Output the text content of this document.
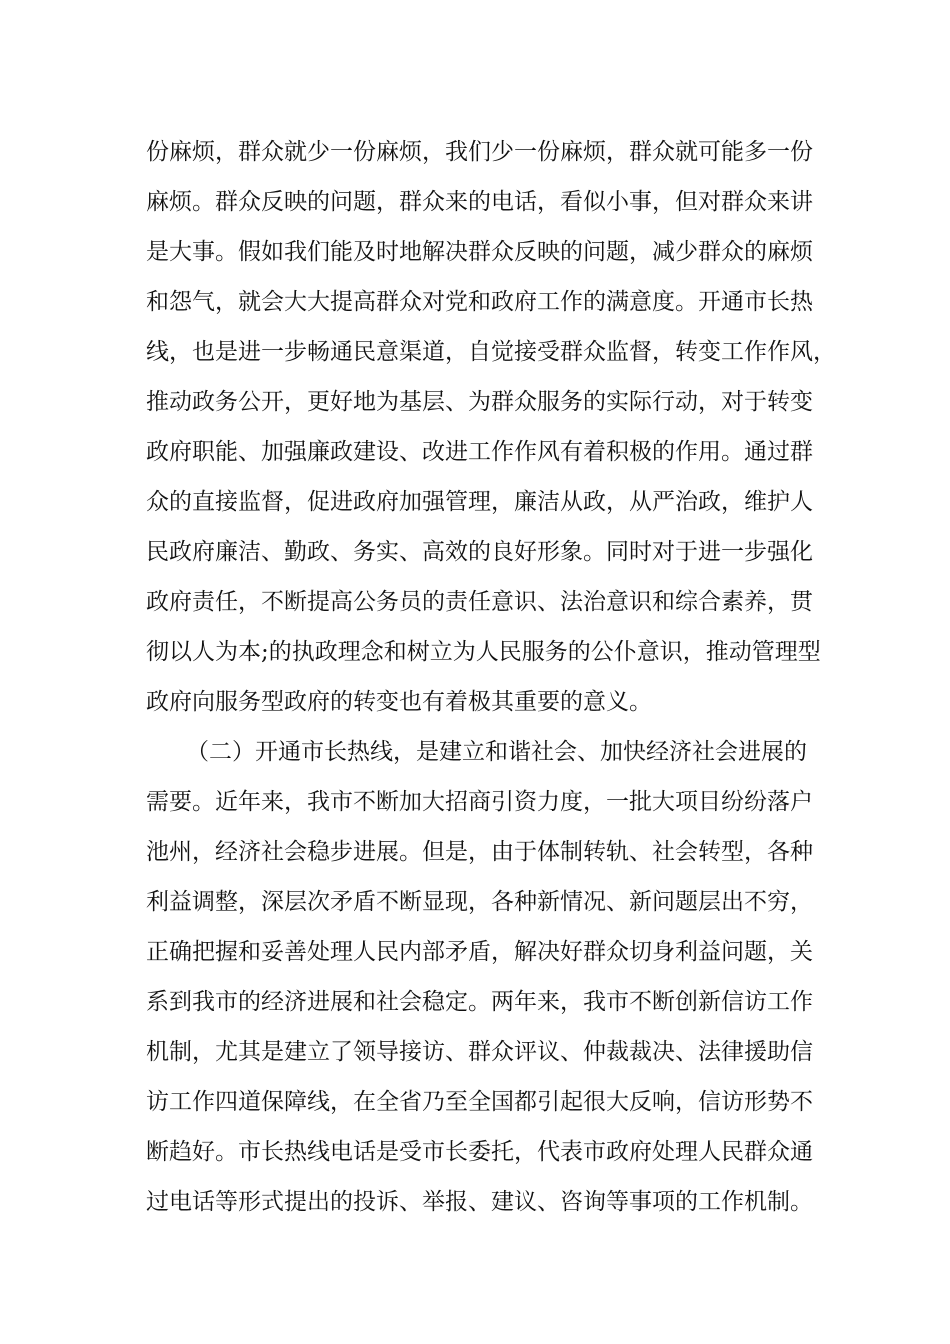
份麻烦，群众就少一份麻烦，我们少一份麻烦，群众就可能多一份

麻烦。群众反映的问题，群众来的电话，看似小事，但对群众来讲

是大事。假如我们能及时地解决群众反映的问题，减少群众的麻烦

和怨气，就会大大提高群众对党和政府工作的满意度。开通市长热

线，也是进一步畅通民意渠道，自觉接受群众监督，转变工作作风，

推动政务公开，更好地为基层、为群众服务的实际行动，对于转变

政府职能、加强廉政建设、改进工作作风有着积极的作用。通过群

众的直接监督，促进政府加强管理，廉洁从政，从严治政，维护人

民政府廉洁、勤政、务实、高效的良好形象。同时对于进一步强化

政府责任，不断提高公务员的责任意识、法治意识和综合素养，贯

彻以人为本;的执政理念和树立为人民服务的公仆意识，推动管理型

政府向服务型政府的转变也有着极其重要的意义。

（二）开通市长热线，是建立和谐社会、加快经济社会进展的

需要。近年来，我市不断加大招商引资力度，一批大项目纷纷落户

池州，经济社会稳步进展。但是，由于体制转轨、社会转型，各种

利益调整，深层次矛盾不断显现，各种新情况、新问题层出不穷，

正确把握和妥善处理人民内部矛盾，解决好群众切身利益问题，关

系到我市的经济进展和社会稳定。两年来，我市不断创新信访工作

机制，尤其是建立了领导接访、群众评议、仲裁裁决、法律援助信

访工作四道保障线，在全省乃至全国都引起很大反响，信访形势不

断趋好。市长热线电话是受市长委托，代表市政府处理人民群众通

过电话等形式提出的投诉、举报、建议、咨询等事项的工作机制。
